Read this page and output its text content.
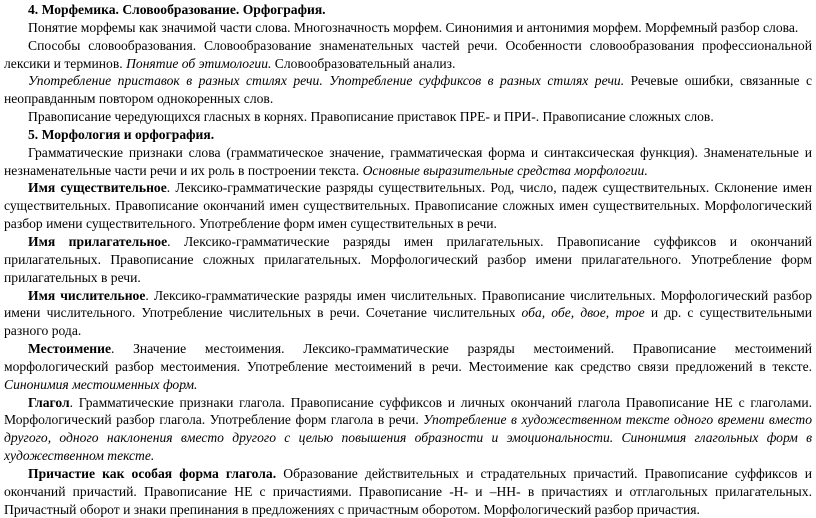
4. Морфемика. Словообразование. Орфография.

Понятие морфемы как значимой части слова. Многозначность морфем. Синонимия и антонимия морфем. Морфемный разбор слова.

Способы словообразования. Словообразование знаменательных частей речи. Особенности словообразования профессиональной лексики и терминов. Понятие об этимологии. Словообразовательный анализ.

Употребление приставок в разных стилях речи. Употребление суффиксов в разных стилях речи. Речевые ошибки, связанные с неоправданным повтором однокоренных слов.

Правописание чередующихся гласных в корнях. Правописание приставок ПРЕ- и ПРИ-. Правописание сложных слов.

5. Морфология и орфография.

Грамматические признаки слова (грамматическое значение, грамматическая форма и синтаксическая функция). Знаменательные и незнаменательные части речи и их роль в построении текста. Основные выразительные средства морфологии.

Имя существительное. Лексико-грамматические разряды существительных. Род, число, падеж существительных. Склонение имен существительных. Правописание окончаний имен существительных. Правописание сложных имен существительных. Морфологический разбор имени существительного. Употребление форм имен существительных в речи.

Имя прилагательное. Лексико-грамматические разряды имен прилагательных. Правописание суффиксов и окончаний прилагательных. Правописание сложных прилагательных. Морфологический разбор имени прилагательного. Употребление форм прилагательных в речи.

Имя числительное. Лексико-грамматические разряды имен числительных. Правописание числительных. Морфологический разбор имени числительного. Употребление числительных в речи. Сочетание числительных оба, обе, двое, трое и др. с существительными разного рода.

Местоимение. Значение местоимения. Лексико-грамматические разряды местоимений. Правописание местоимений морфологический разбор местоимения. Употребление местоимений в речи. Местоимение как средство связи предложений в тексте. Синонимия местоименных форм.

Глагол. Грамматические признаки глагола. Правописание суффиксов и личных окончаний глагола Правописание НЕ с глаголами. Морфологический разбор глагола. Употребление форм глагола в речи. Употребление в художественном тексте одного времени вместо другого, одного наклонения вместо другого с целью повышения образности и эмоциональности. Синонимия глагольных форм в художественном тексте.

Причастие как особая форма глагола. Образование действительных и страдательных причастий. Правописание суффиксов и окончаний причастий. Правописание НЕ с причастиями. Правописание -Н- и –НН- в причастиях и отглагольных прилагательных. Причастный оборот и знаки препинания в предложениях с причастным оборотом. Морфологический разбор причастия.
